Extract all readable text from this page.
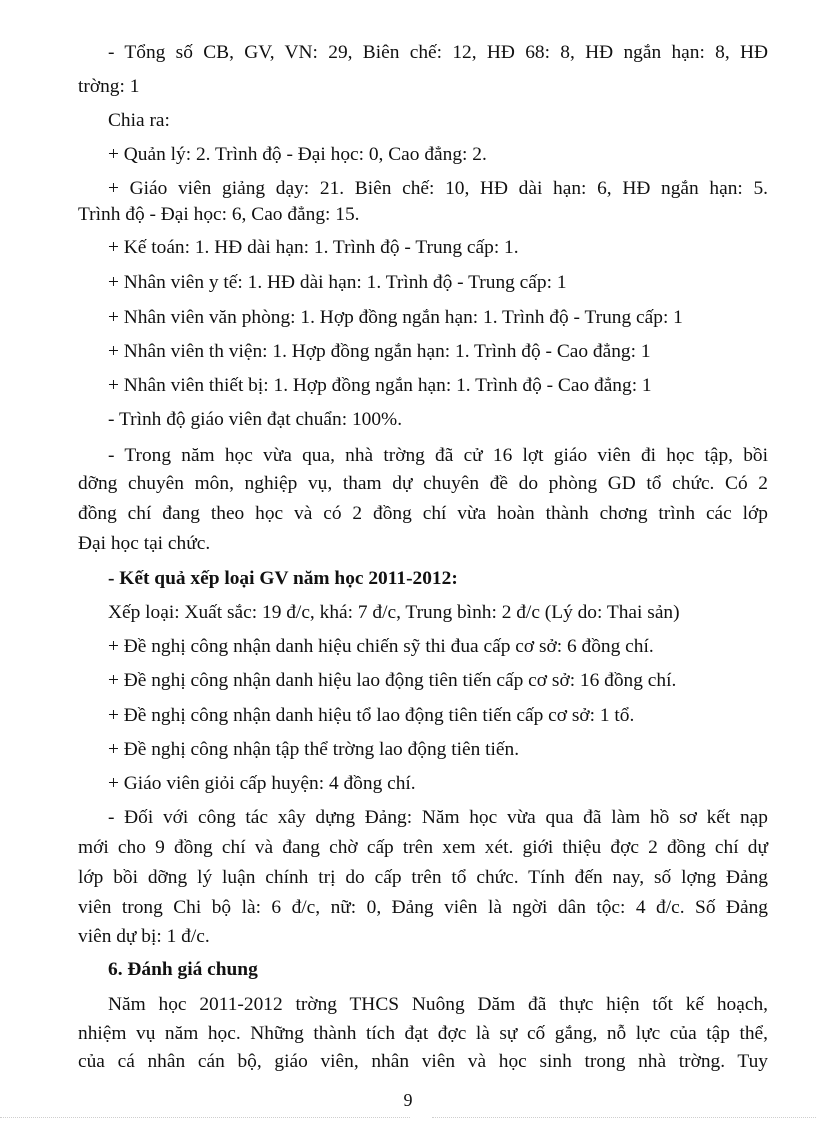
- Tổng số CB, GV, VN: 29, Biên chế: 12, HĐ 68: 8, HĐ ngắn hạn: 8, HĐ
trờng: 1
Chia ra:
+ Quản lý: 2. Trình độ - Đại học: 0, Cao đẳng: 2.
+ Giáo viên giảng dạy: 21. Biên chế: 10, HĐ dài hạn: 6, HĐ ngắn hạn: 5.
Trình độ - Đại học: 6, Cao đẳng: 15.
+ Kế toán: 1. HĐ dài hạn: 1. Trình độ - Trung cấp: 1.
+ Nhân viên y tế: 1. HĐ dài hạn: 1. Trình độ - Trung cấp: 1
+ Nhân viên văn phòng: 1. Hợp đồng ngắn hạn: 1. Trình độ - Trung cấp: 1
+ Nhân viên th viện: 1. Hợp đồng ngắn hạn: 1. Trình độ - Cao đẳng: 1
+ Nhân viên thiết bị: 1. Hợp đồng ngắn hạn: 1. Trình độ - Cao đẳng: 1
- Trình độ giáo viên đạt chuẩn: 100%.
- Trong năm học vừa qua, nhà trờng đã cử 16 lợt giáo viên đi học tập, bồi
dỡng chuyên môn, nghiệp vụ, tham dự chuyên đề do phòng GD tổ chức. Có 2
đồng chí đang theo học và có 2 đồng chí vừa hoàn thành chơng trình các lớp
Đại học tại chức.
- Kết quả xếp loại GV năm học 2011-2012:
Xếp loại: Xuất sắc: 19 đ/c, khá: 7 đ/c, Trung bình: 2 đ/c (Lý do: Thai sản)
+ Đề nghị công nhận danh hiệu chiến sỹ thi đua cấp cơ sở: 6 đồng chí.
+ Đề nghị công nhận danh hiệu lao động tiên tiến cấp cơ sở: 16 đồng chí.
+ Đề nghị công nhận danh hiệu tổ lao động tiên tiến cấp cơ sở: 1 tổ.
+ Đề nghị công nhận tập thể trờng lao động tiên tiến.
+ Giáo viên giỏi cấp huyện: 4 đồng chí.
- Đối với công tác xây dựng Đảng: Năm học vừa qua đã làm hồ sơ kết nạp
mới cho 9 đồng chí và đang chờ cấp trên xem xét. giới thiệu đợc 2 đồng chí dự
lớp bồi dỡng lý luận chính trị do cấp trên tổ chức. Tính đến nay, số lợng Đảng
viên trong Chi bộ là: 6 đ/c, nữ: 0, Đảng viên là ngời dân tộc: 4 đ/c. Số Đảng
viên dự bị: 1 đ/c.
6. Đánh giá chung
Năm học 2011-2012 trờng THCS Nuông Dăm đã thực hiện tốt kế hoạch,
nhiệm vụ năm học. Những thành tích đạt đợc là sự cố gắng, nỗ lực của tập thể,
của cá nhân cán bộ, giáo viên, nhân viên và học sinh trong nhà trờng. Tuy
9
